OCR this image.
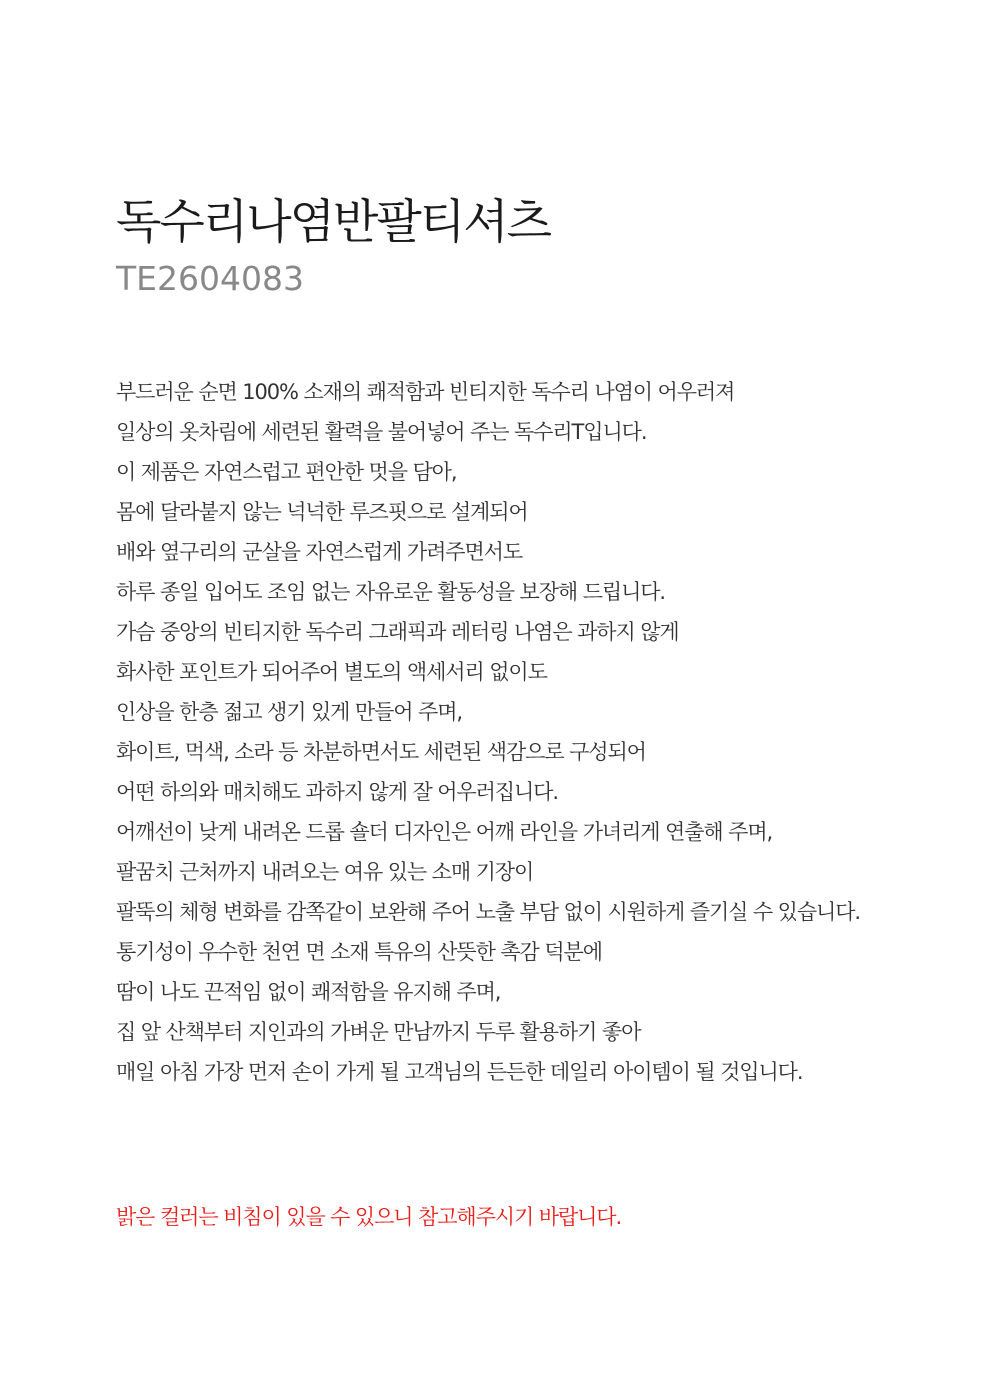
독수리나염반팔티셔츠
TE2604083
부드러운 순면 100% 소재의 쾌적함과 빈티지한 독수리 나염이 어우러져
일상의 옷차림에 세련된 활력을 불어넣어 주는 독수리T입니다.
이 제품은 자연스럽고 편안한 멋을 담아,
몸에 달라붙지 않는 넉넉한 루즈핏으로 설계되어
배와 옆구리의 군살을 자연스럽게 가려주면서도
하루 종일 입어도 조임 없는 자유로운 활동성을 보장해 드립니다.
가슴 중앙의 빈티지한 독수리 그래픽과 레터링 나염은 과하지 않게
화사한 포인트가 되어주어 별도의 액세서리 없이도
인상을 한층 젊고 생기 있게 만들어 주며,
화이트, 먹색, 소라 등 차분하면서도 세련된 색감으로 구성되어
어떤 하의와 매치해도 과하지 않게 잘 어우러집니다.
어깨선이 낮게 내려온 드롭 숄더 디자인은 어깨 라인을 가녀리게 연출해 주며,
팔꿈치 근처까지 내려오는 여유 있는 소매 기장이
팔뚝의 체형 변화를 감쪽같이 보완해 주어 노출 부담 없이 시원하게 즐기실 수 있습니다.
통기성이 우수한 천연 면 소재 특유의 산뜻한 촉감 덕분에
땀이 나도 끈적임 없이 쾌적함을 유지해 주며,
집 앞 산책부터 지인과의 가벼운 만남까지 두루 활용하기 좋아
매일 아침 가장 먼저 손이 가게 될 고객님의 든든한 데일리 아이템이 될 것입니다.
밝은 컬러는 비침이 있을 수 있으니 참고해주시기 바랍니다.
